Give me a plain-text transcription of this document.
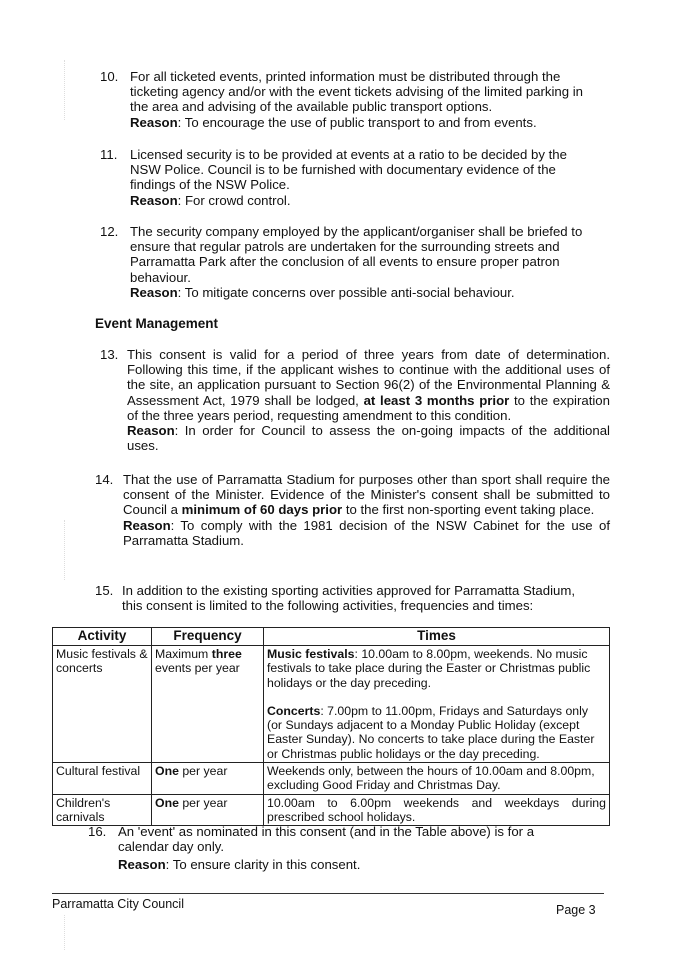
10. For all ticketed events, printed information must be distributed through the
ticketing agency and/or with the event tickets advising of the limited parking in
the area and advising of the available public transport options.
Reason: To encourage the use of public transport to and from events.
11. Licensed security is to be provided at events at a ratio to be decided by the
NSW Police. Council is to be furnished with documentary evidence of the
findings of the NSW Police.
Reason: For crowd control.
12. The security company employed by the applicant/organiser shall be briefed to
ensure that regular patrols are undertaken for the surrounding streets and
Parramatta Park after the conclusion of all events to ensure proper patron
behaviour.
Reason: To mitigate concerns over possible anti-social behaviour.
Event Management
13. This consent is valid for a period of three years from date of determination. Following this time, if the applicant wishes to continue with the additional uses of the site, an application pursuant to Section 96(2) of the Environmental Planning & Assessment Act, 1979 shall be lodged, at least 3 months prior to the expiration of the three years period, requesting amendment to this condition.
Reason: In order for Council to assess the on-going impacts of the additional uses.
14. That the use of Parramatta Stadium for purposes other than sport shall require the consent of the Minister. Evidence of the Minister's consent shall be submitted to Council a minimum of 60 days prior to the first non-sporting event taking place.
Reason: To comply with the 1981 decision of the NSW Cabinet for the use of Parramatta Stadium.
15. In addition to the existing sporting activities approved for Parramatta Stadium,
this consent is limited to the following activities, frequencies and times:
Activity	Frequency	Times
Music festivals & concerts	Maximum three events per year	Music festivals: 10.00am to 8.00pm, weekends. No music festivals to take place during the Easter or Christmas public holidays or the day preceding.
Concerts: 7.00pm to 11.00pm, Fridays and Saturdays only (or Sundays adjacent to a Monday Public Holiday (except Easter Sunday). No concerts to take place during the Easter or Christmas public holidays or the day preceding.

Cultural festival	One per year	Weekends only, between the hours of 10.00am and 8.00pm, excluding Good Friday and Christmas Day.
Children's carnivals	One per year	10.00am to 6.00pm weekends and weekdays during prescribed school holidays.
16. An 'event' as nominated in this consent (and in the Table above) is for a
calendar day only.
Reason: To ensure clarity in this consent.
Parramatta City Council	Page 3
